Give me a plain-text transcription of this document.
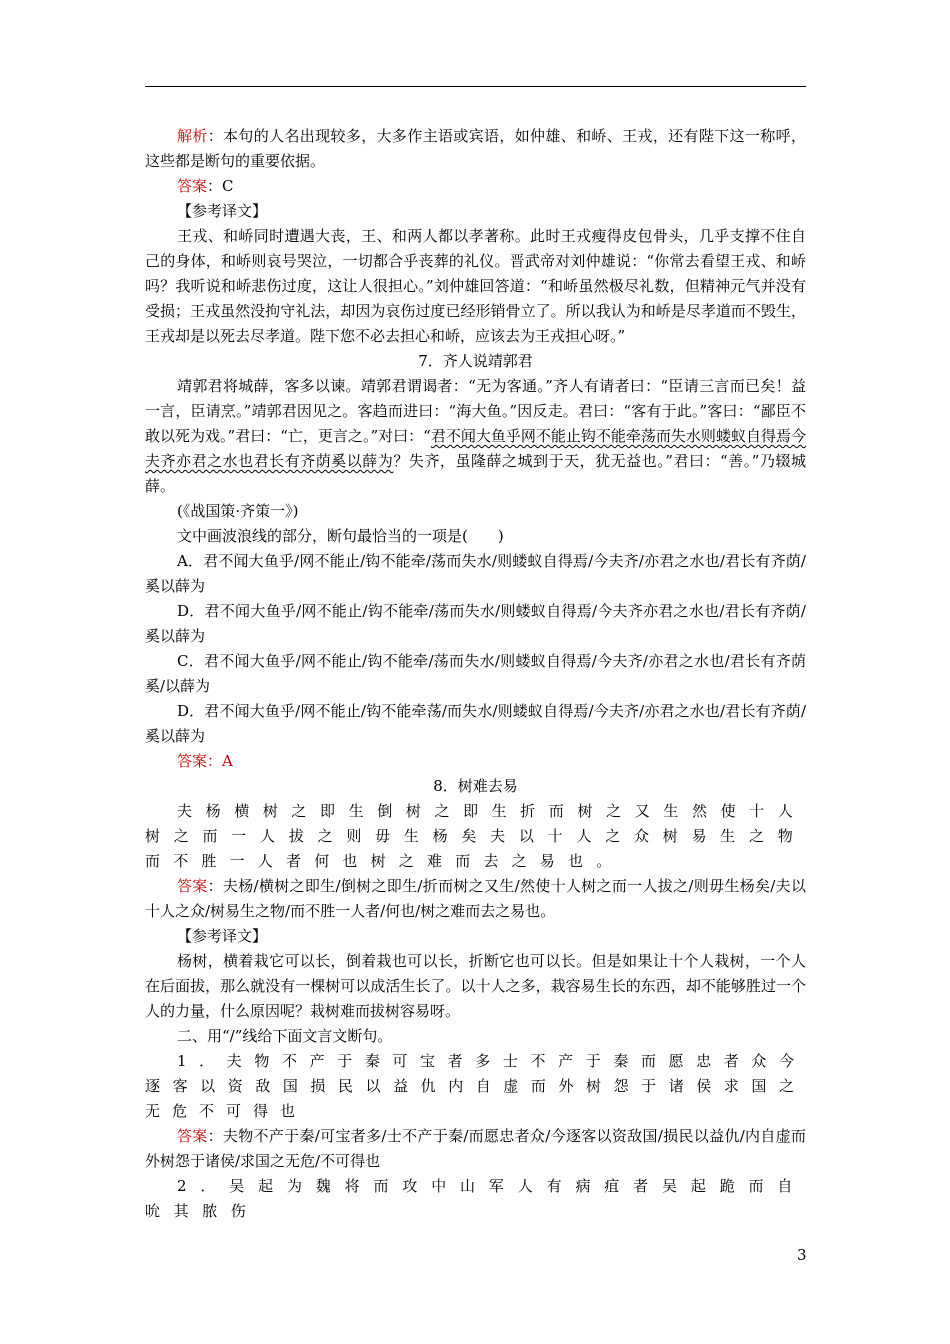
解析：本句的人名出现较多，大多作主语或宾语，如仲雄、和峤、王戎，还有陛下这一称呼，这些都是断句的重要依据。

答案：C

【参考译文】

王戎、和峤同时遭遇大丧，王、和两人都以孝著称。此时王戎瘦得皮包骨头，几乎支撑不住自己的身体，和峤则哀号哭泣，一切都合乎丧葬的礼仪。晋武帝对刘仲雄说：“你常去看望王戎、和峤吗？我听说和峤悲伤过度，这让人很担心。”刘仲雄回答道：“和峤虽然极尽礼数，但精神元气并没有受损；王戎虽然没拘守礼法，却因为哀伤过度已经形销骨立了。所以我认为和峤是尽孝道而不毁生，王戎却是以死去尽孝道。陛下您不必去担心和峤，应该去为王戎担心呀。”

7．齐人说靖郭君

靖郭君将城薛，客多以谏。靖郭君谓谒者：“无为客通。”齐人有请者曰：“臣请三言而已矣！益一言，臣请烹。”靖郭君因见之。客趋而进曰：“海大鱼。”因反走。君曰：“客有于此。”客曰：“鄙臣不敢以死为戏。”君曰：“亡，更言之。”对曰：“君不闻大鱼乎网不能止钩不能牵荡而失水则蝼蚁自得焉今夫齐亦君之水也君长有齐荫奚以薛为？失齐，虽隆薛之城到于天，犹无益也。”君曰：“善。”乃辍城薛。

(《战国策·齐策一》)

文中画波浪线的部分，断句最恰当的一项是(　　)

A．君不闻大鱼乎/网不能止/钩不能牵/荡而失水/则蝼蚁自得焉/今夫齐/亦君之水也/君长有齐荫/奚以薛为

D．君不闻大鱼乎/网不能止/钩不能牵/荡而失水/则蝼蚁自得焉/今夫齐亦君之水也/君长有齐荫/奚以薛为

C．君不闻大鱼乎/网不能止/钩不能牵/荡而失水/则蝼蚁自得焉/今夫齐/亦君之水也/君长有齐荫奚/以薛为

D．君不闻大鱼乎/网不能止/钩不能牵荡/而失水/则蝼蚁自得焉/今夫齐/亦君之水也/君长有齐荫/奚以薛为

答案：A

8．树难去易

夫杨横树之即生倒树之即生折而树之又生然使十人树之而一人拔之则毋生杨矣夫以十人之众树易生之物而不胜一人者何也树之难而去之易也。

答案：夫杨/横树之即生/倒树之即生/折而树之又生/然使十人树之而一人拔之/则毋生杨矣/夫以十人之众/树易生之物/而不胜一人者/何也/树之难而去之易也。

【参考译文】

杨树，横着栽它可以长，倒着栽也可以长，折断它也可以长。但是如果让十个人栽树，一个人在后面拔，那么就没有一棵树可以成活生长了。以十人之多，栽容易生长的东西，却不能够胜过一个人的力量，什么原因呢？栽树难而拔树容易呀。

二、用“/”线给下面文言文断句。

1．夫物不产于秦可宝者多士不产于秦而愿忠者众今逐客以资敌国损民以益仇内自虚而外树怨于诸侯求国之无危不可得也

答案：夫物不产于秦/可宝者多/士不产于秦/而愿忠者众/今逐客以资敌国/损民以益仇/内自虚而外树怨于诸侯/求国之无危/不可得也

2．吴起为魏将而攻中山军人有病疽者吴起跪而自吮其脓伤

3
